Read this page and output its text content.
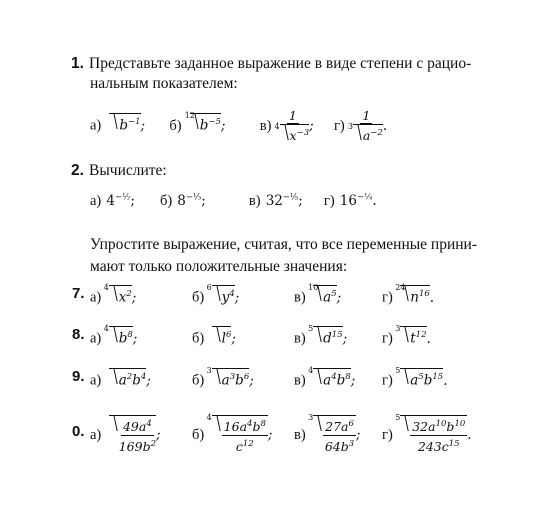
1. Представьте заданное выражение в виде степени с рацио-
нальным показателем:
а) $b^{-1}$; б)
12
$b^{-5}$; в) 1
4
$x^{-3}$ ; г) 1
3
$a^{-2}$ .
2. Вычислите:
а) $4^{-\frac{1}{2}}$; б) $8^{-\frac{1}{3}}$;	в) $32^{-\frac{1}{5}}$; г) $16^{-\frac{1}{4}}$.
Упростите выражение, считая, что все переменные прини-
мают только положительные значения:
7. а)
4
$x^2$;	б)
6
$y^4$;	в)
10
$a^5$;	г)
24
$n^{16}$.
8. а)
4
$b^8$;	б) $l^6$;	в)
5
$d^{15}$; г)
3
$t^{12}$.
9. а) $a^2b^4$;	б)
3
$a^3b^6$;	в)
4
$a^4b^8$; г)
5
$a^5b^{15}$.
0. $а) \frac{49a^4}{169b^2}$ ; б)
$4 \frac{16a^4b^8}{c^{12}}$ ; в)
$3 \frac{27a^6}{64b^3}$ ; г)
$5 \frac{32a^{10}b^{10}}{243c^{15}}$ .
